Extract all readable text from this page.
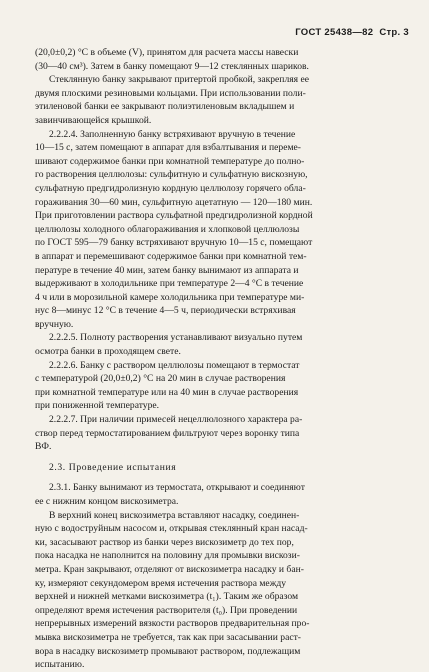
ГОСТ 25438—82 Стр. 3

(20,0±0,2) °С в объеме (V), принятом для расчета массы навески

(30—40 см³). Затем в банку помещают 9—12 стеклянных шариков.

Стеклянную банку закрывают притертой пробкой, закрепляя ее

двумя плоскими резиновыми кольцами. При использовании поли-

этиленовой банки ее закрывают полиэтиленовым вкладышем и

завинчивающейся крышкой.

2.2.2.4. Заполненную банку встряхивают вручную в течение

10—15 с, затем помещают в аппарат для взбалтывания и переме-

шивают содержимое банки при комнатной температуре до полно-

го растворения целлюлозы: сульфитную и сульфатную вискозную,

сульфатную предгидролизную кордную целлюлозу горячего обла-

гораживания 30—60 мин, сульфитную ацетатную — 120—180 мин.

При приготовлении раствора сульфатной предгидролизной кордной

целлюлозы холодного облагораживания и хлопковой целлюлозы

по ГОСТ 595—79 банку встряхивают вручную 10—15 с, помещают

в аппарат и перемешивают содержимое банки при комнатной тем-

пературе в течение 40 мин, затем банку вынимают из аппарата и

выдерживают в холодильнике при температуре 2—4 °С в течение

4 ч или в морозильной камере холодильника при температуре ми-

нус 8—минус 12 °С в течение 4—5 ч, периодически встряхивая

вручную.

2.2.2.5. Полноту растворения устанавливают визуально путем

осмотра банки в проходящем свете.

2.2.2.6. Банку с раствором целлюлозы помещают в термостат

с температурой (20,0±0,2) °С на 20 мин в случае растворения

при комнатной температуре или на 40 мин в случае растворения

при пониженной температуре.

2.2.2.7. При наличии примесей нецеллюлозного характера ра-

створ перед термостатированием фильтруют через воронку типа

ВФ.

2.3. Проведение испытания

2.3.1. Банку вынимают из термостата, открывают и соединяют

ее с нижним концом вискозиметра.

В верхний конец вискозиметра вставляют насадку, соединен-

ную с водоструйным насосом и, открывая стеклянный кран насад-

ки, засасывают раствор из банки через вискозиметр до тех пор,

пока насадка не наполнится на половину для промывки вискози-

метра. Кран закрывают, отделяют от вискозиметра насадку и бан-

ку, измеряют секундомером время истечения раствора между

верхней и нижней метками вискозиметра (t₁). Таким же образом

определяют время истечения растворителя (t₀). При проведении

непрерывных измерений вязкости растворов предварительная про-

мывка вискозиметра не требуется, так как при засасывании раст-

вора в насадку вискозиметр промывают раствором, подлежащим

испытанию.
